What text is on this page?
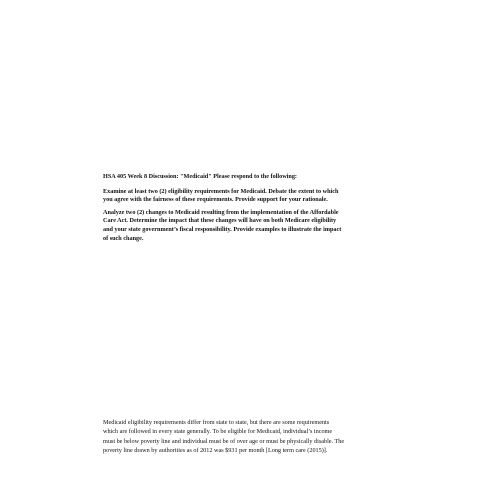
HSA 405 Week 8 Discussion: "Medicaid" Please respond to the following:

Examine at least two (2) eligibility requirements for Medicaid. Debate the extent to which
you agree with the fairness of these requirements. Provide support for your rationale.

Analyze two (2) changes to Medicaid resulting from the implementation of the Affordable
Care Act. Determine the impact that these changes will have on both Medicare eligibility
and your state government’s fiscal responsibility. Provide examples to illustrate the impact
of such change.

Medicaid eligibility requirements differ from state to state, but there are some requirements
which are followed in every state generally. To be eligible for Medicaid, individual’s income
must be below poverty line and individual must be of over age or must be physically disable. The
poverty line drawn by authorities as of 2012 was $931 per month [Long term care (2015)].
